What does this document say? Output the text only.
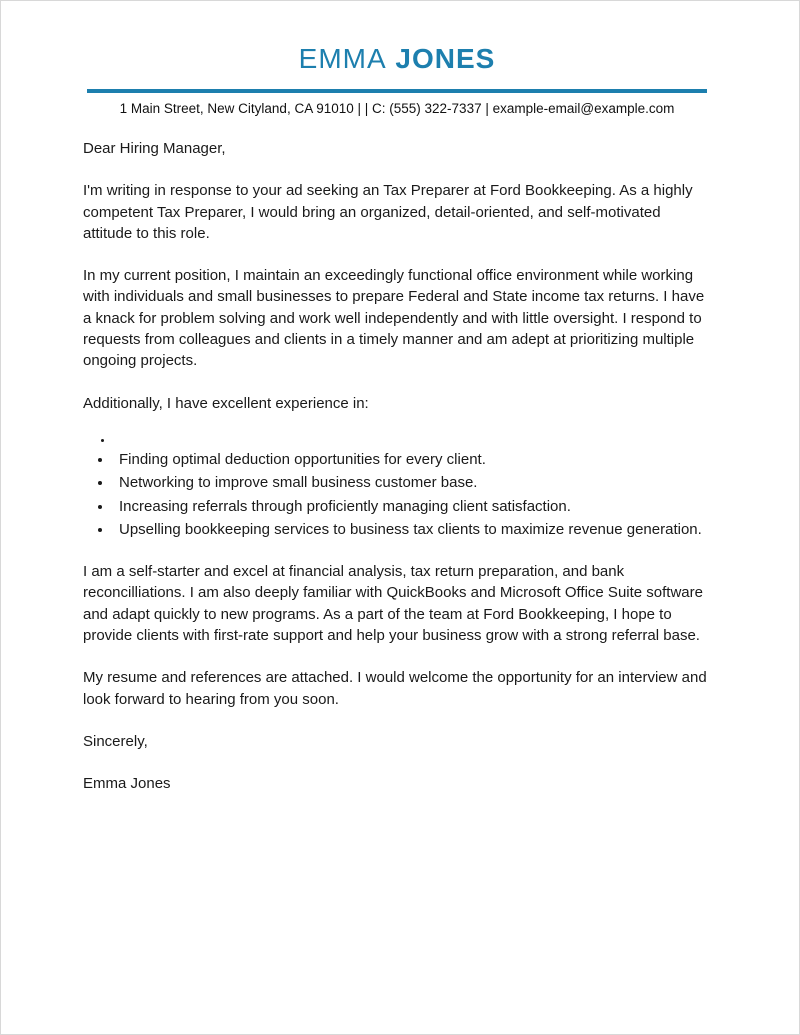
EMMA JONES
1 Main Street, New Cityland, CA 91010 | | C: (555) 322-7337 | example-email@example.com

Dear Hiring Manager,

I'm writing in response to your ad seeking an Tax Preparer at Ford Bookkeeping. As a highly competent Tax Preparer, I would bring an organized, detail-oriented, and self-motivated attitude to this role.

In my current position, I maintain an exceedingly functional office environment while working with individuals and small businesses to prepare Federal and State income tax returns. I have a knack for problem solving and work well independently and with little oversight. I respond to requests from colleagues and clients in a timely manner and am adept at prioritizing multiple ongoing projects.

Additionally, I have excellent experience in:

•
• Finding optimal deduction opportunities for every client.
• Networking to improve small business customer base.
• Increasing referrals through proficiently managing client satisfaction.
• Upselling bookkeeping services to business tax clients to maximize revenue generation.

I am a self-starter and excel at financial analysis, tax return preparation, and bank reconcilliations. I am also deeply familiar with QuickBooks and Microsoft Office Suite software and adapt quickly to new programs. As a part of the team at Ford Bookkeeping, I hope to provide clients with first-rate support and help your business grow with a strong referral base.

My resume and references are attached. I would welcome the opportunity for an interview and look forward to hearing from you soon.

Sincerely,

Emma Jones
